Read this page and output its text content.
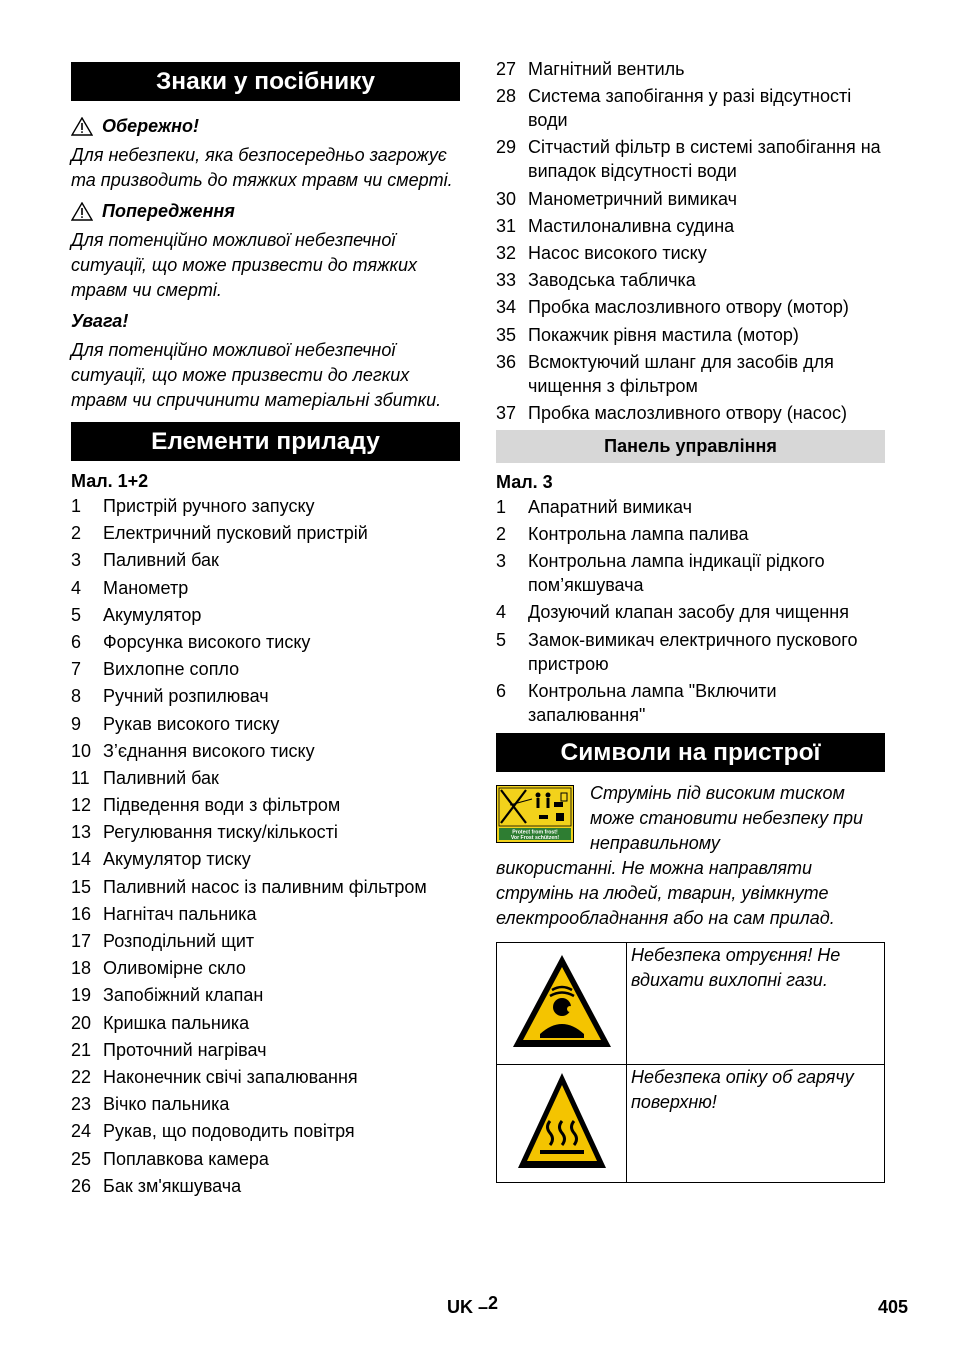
Знаки у посібнику
Обережно!
Для небезпеки, яка безпосередньо загрожує та призводить до тяжких травм чи смерті.
Попередження
Для потенційно можливої небезпечної ситуації, що може призвести до тяжких травм чи смерті.
Увага!
Для потенційно можливої небезпечної ситуації, що може призвести до легких травм чи спричинити матеріальні збитки.
Елементи приладу
Мал. 1+2
1	Пристрій ручного запуску
2	Електричний пусковий пристрій
3	Паливний бак
4	Манометр
5	Акумулятор
6	Форсунка високого тиску
7	Вихлопне сопло
8	Ручний розпилювач
9	Рукав високого тиску
10 З’єднання високого тиску
11 Паливний бак
12 Підведення води з фільтром
13 Регулювання тиску/кількості
14 Акумулятор тиску
15 Паливний насос із паливним фільтром
16 Нагнітач пальника
17 Розподільний щит
18 Оливомірне скло
19 Запобіжний клапан
20 Кришка пальника
21 Проточний нагрівач
22 Наконечник свічі запалювання
23 Вічко пальника
24 Рукав, що подоводить повітря
25 Поплавкова камера
26 Бак зм'якшувача
27 Магнітний вентиль
28 Система запобігання у разі відсутності води
29 Сітчастий фільтр в системі запобігання на випадок відсутності води
30 Манометричний вимикач
31 Мастилоналивна судина
32 Насос високого тиску
33 Заводська табличка
34 Пробка маслозливного отвору (мотор)
35 Покажчик рівня мастила (мотор)
36 Всмоктуючий шланг для засобів для чищення з фільтром
37 Пробка маслозливного отвору (насос)
Панель управління
Мал. 3
1	Апаратний вимикач
2	Контрольна лампа палива
3	Контрольна лампа індикації рідкого пом’якшувача
4	Дозуючий клапан засобу для чищення
5	Замок-вимикач електричного пускового пристрою
6	Контрольна лампа "Включити запалювання"
Символи на пристрої
Protect from frost!
Vor Frost schützen!
Струмінь під високим тиском може становити небезпеку при неправильному
використанні. Не можна направляти струмінь на людей, тварин, увімкнуте електрообладнання або на сам прилад.
	Небезпека отруєння! Не вдихати вихлопні гази.
	Небезпека опіку об гарячу поверхню!
UK –2	405
